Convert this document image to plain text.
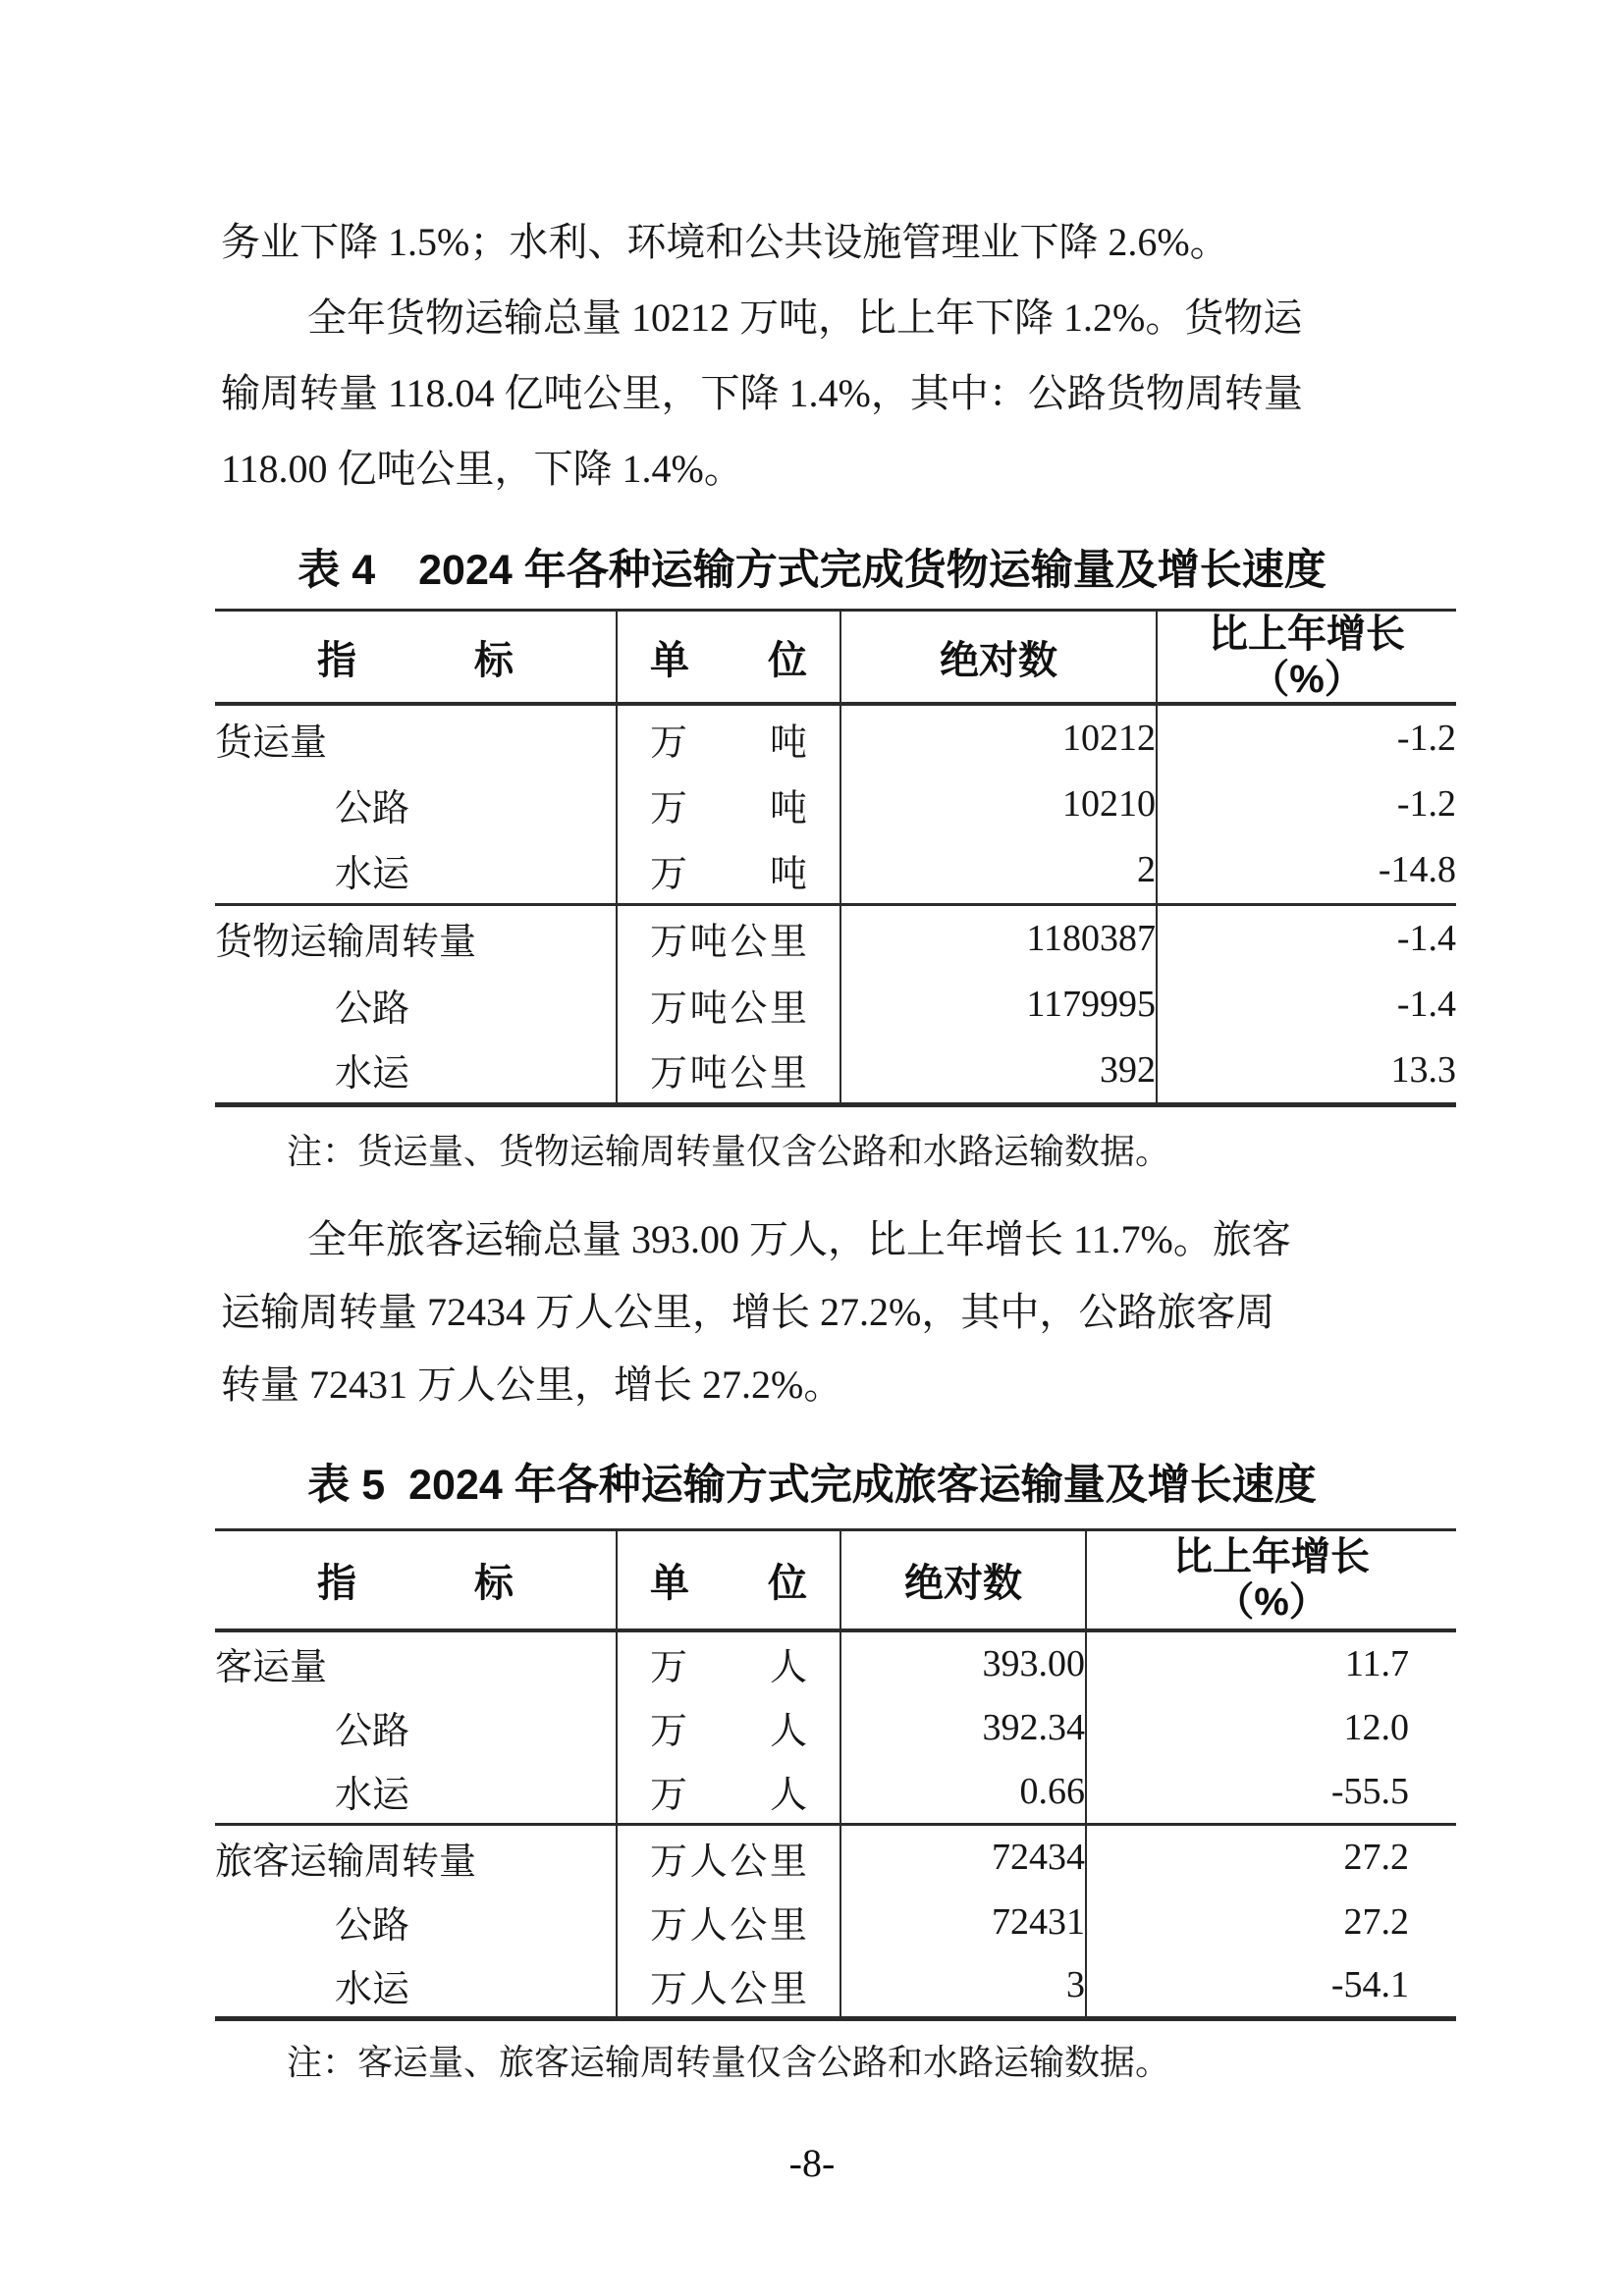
务业下降 1.5%；水利、环境和公共设施管理业下降 2.6%。
全年货物运输总量 10212 万吨，比上年下降 1.2%。货物运
输周转量 118.04 亿吨公里，下降 1.4%，其中：公路货物周转量
118.00 亿吨公里，下降 1.4%。
表 4 2024 年各种运输方式完成货物运输量及增长速度
指标	单位	绝对数	比上年增长
（%）

货运量	万吨	10212	-1.2
公路	万吨	10210	-1.2
水运	万吨	2	-14.8
货物运输周转量	万吨公里	1180387	-1.4
公路	万吨公里	1179995	-1.4
水运	万吨公里	392	13.3
注：货运量、货物运输周转量仅含公路和水路运输数据。
全年旅客运输总量 393.00 万人，比上年增长 11.7%。旅客
运输周转量 72434 万人公里，增长 27.2%，其中，公路旅客周
转量 72431 万人公里，增长 27.2%。
表 5 2024 年各种运输方式完成旅客运输量及增长速度
指标	单位	绝对数	比上年增长
（%）

客运量	万人	393.00	11.7
公路	万人	392.34	12.0
水运	万人	0.66	-55.5
旅客运输周转量	万人公里	72434	27.2
公路	万人公里	72431	27.2
水运	万人公里	3	-54.1
注：客运量、旅客运输周转量仅含公路和水路运输数据。
-8-
